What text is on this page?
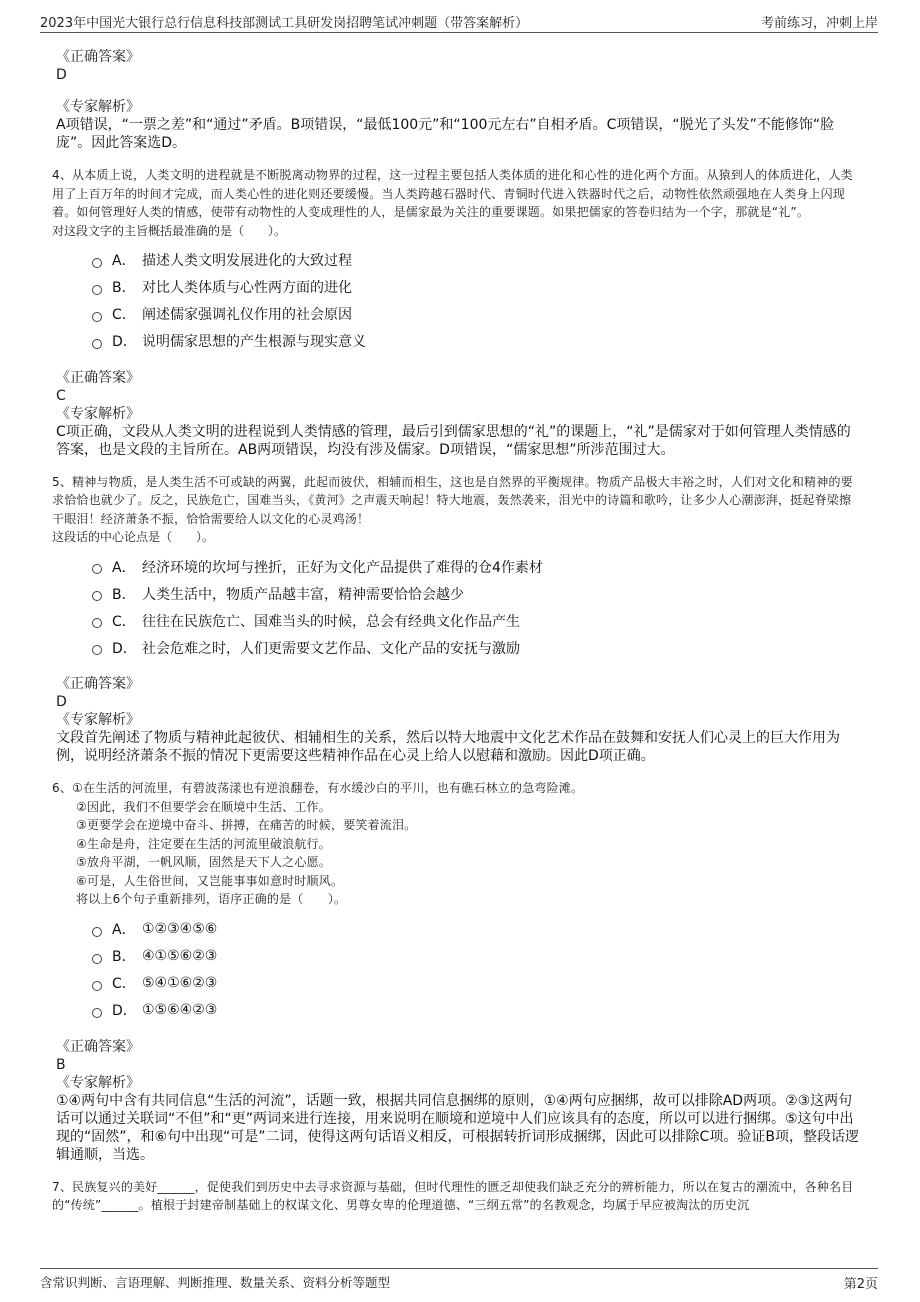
2023年中国光大银行总行信息科技部测试工具研发岗招聘笔试冲刺题（带答案解析）	考前练习，冲刺上岸

《正确答案》

D

《专家解析》

A项错误，“一票之差”和“通过”矛盾。B项错误，“最低100元”和“100元左右”自相矛盾。C项错误，“脱光了头发”不能修饰“脸庞”。因此答案选D。

4、从本质上说，人类文明的进程就是不断脱离动物界的过程，这一过程主要包括人类体质的进化和心性的进化两个方面。从猿到人的体质进化，人类用了上百万年的时间才完成，而人类心性的进化则还要缓慢。当人类跨越石器时代、青铜时代进入铁器时代之后，动物性依然顽强地在人类身上闪现着。如何管理好人类的情感，使带有动物性的人变成理性的人，是儒家最为关注的重要课题。如果把儒家的答卷归结为一个字，那就是“礼”。

对这段文字的主旨概括最准确的是（　　）。

A． 描述人类文明发展进化的大致过程
B． 对比人类体质与心性两方面的进化
C． 阐述儒家强调礼仪作用的社会原因
D． 说明儒家思想的产生根源与现实意义

《正确答案》

C

《专家解析》

C项正确，文段从人类文明的进程说到人类情感的管理，最后引到儒家思想的“礼”的课题上，“礼”是儒家对于如何管理人类情感的答案，也是文段的主旨所在。AB两项错误，均没有涉及儒家。D项错误，“儒家思想”所涉范围过大。

5、精神与物质，是人类生活不可或缺的两翼，此起而彼伏，相辅而相生，这也是自然界的平衡规律。物质产品极大丰裕之时，人们对文化和精神的要求恰恰也就少了。反之，民族危亡，国难当头，《黄河》之声震天响起！特大地震，轰然袭来，泪光中的诗篇和歌吟，让多少人心潮澎湃，挺起脊梁擦干眼泪！经济萧条不振，恰恰需要给人以文化的心灵鸡汤！

这段话的中心论点是（　　）。

A． 经济环境的坎坷与挫折，正好为文化产品提供了难得的仓4作素材
B． 人类生活中，物质产品越丰富，精神需要恰恰会越少
C． 往往在民族危亡、国难当头的时候，总会有经典文化作品产生
D． 社会危难之时，人们更需要文艺作品、文化产品的安抚与激励

《正确答案》

D

《专家解析》

文段首先阐述了物质与精神此起彼伏、相辅相生的关系，然后以特大地震中文化艺术作品在鼓舞和安抚人们心灵上的巨大作用为例，说明经济萧条不振的情况下更需要这些精神作品在心灵上给人以慰藉和激励。因此D项正确。

6、①在生活的河流里，有碧波荡漾也有逆浪翻卷，有水缓沙白的平川，也有礁石林立的急弯险滩。

②因此，我们不但要学会在顺境中生活、工作。

③更要学会在逆境中奋斗、拼搏，在痛苦的时候，要笑着流泪。

④生命是舟，注定要在生活的河流里破浪航行。

⑤放舟平湖，一帆风顺，固然是天下人之心愿。

⑥可是，人生俗世间，又岂能事事如意时时顺风。

将以上6个句子重新排列，语序正确的是（　　）。

A． ①②③④⑤⑥
B． ④①⑤⑥②③
C． ⑤④①⑥②③
D． ①⑤⑥④②③

《正确答案》

B

《专家解析》

①④两句中含有共同信息“生活的河流”，话题一致，根据共同信息捆绑的原则，①④两句应捆绑，故可以排除AD两项。②③这两句话可以通过关联词“不但”和“更”两词来进行连接，用来说明在顺境和逆境中人们应该具有的态度，所以可以进行捆绑。⑤这句中出现的“固然”，和⑥句中出现“可是”二词，使得这两句话语义相反，可根据转折词形成捆绑，因此可以排除C项。验证B项，整段话逻辑通顺，当选。

7、民族复兴的美好______，促使我们到历史中去寻求资源与基础，但时代理性的匮乏却使我们缺乏充分的辨析能力，所以在复古的潮流中，各种名目的“传统”______。植根于封建帝制基础上的权谋文化、男尊女卑的伦理道德、“三纲五常”的名教观念，均属于早应被淘汰的历史沉

含常识判断、言语理解、判断推理、数量关系、资料分析等题型	第2页
